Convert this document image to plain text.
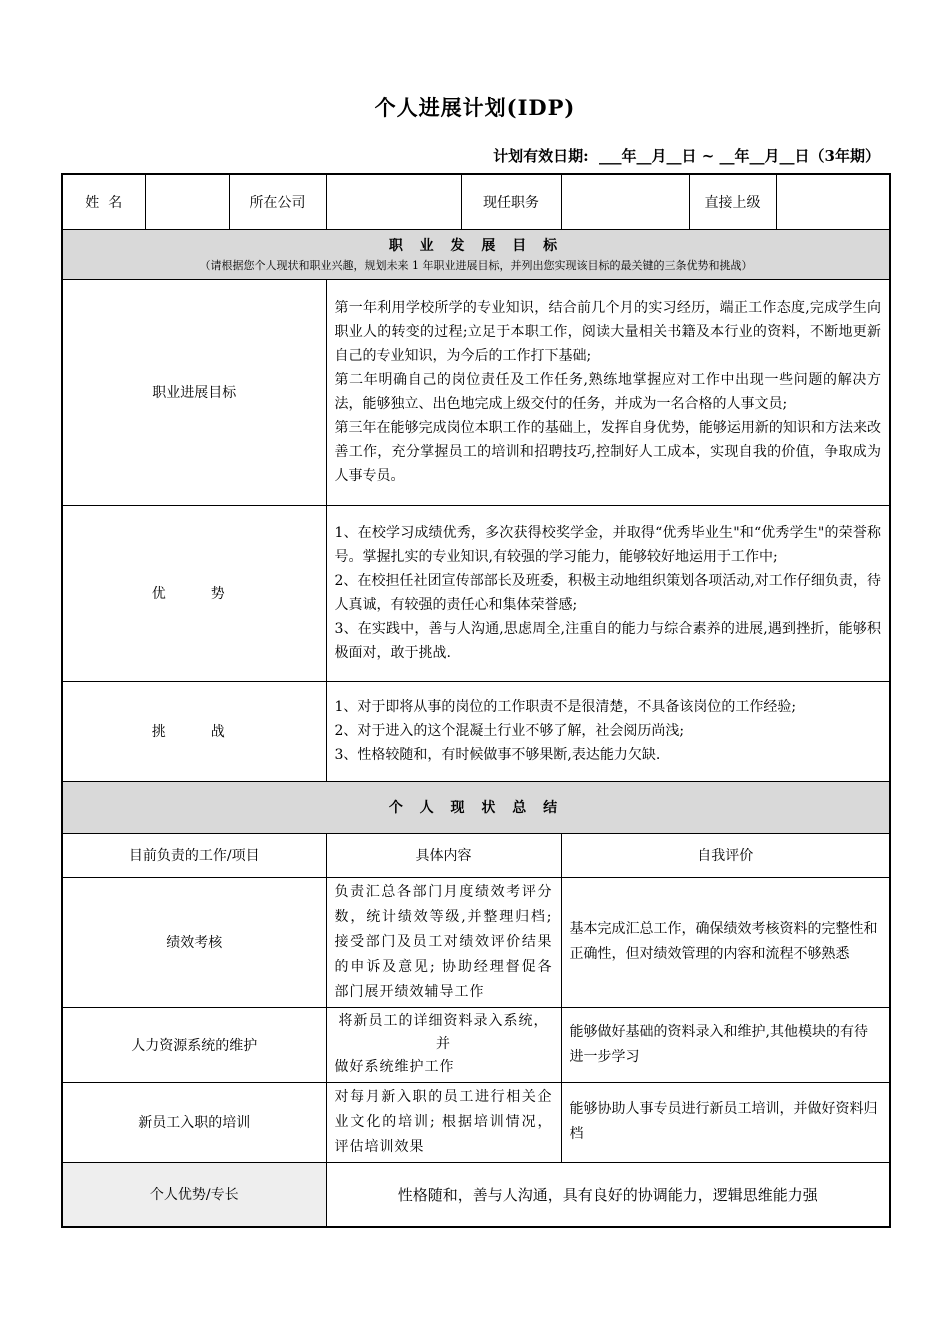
个人进展计划(IDP)
计划有效日期:  ___年__月__日 ~ __年__月__日（3年期）
姓  名		所在公司		现任职务		直接上级	

职 业 发 展 目 标
（请根据您个人现状和职业兴趣，规划未来 1 年职业进展目标，并列出您实现该目标的最关键的三条优势和挑战）							

职业进展目标			第一年利用学校所学的专业知识，结合前几个月的实习经历，端正工作态度,完成学生向职业人的转变的过程;立足于本职工作，阅读大量相关书籍及本行业的资料，不断地更新自己的专业知识，为今后的工作打下基础;
第二年明确自己的岗位责任及工作任务,熟练地掌握应对工作中出现一些问题的解决方法，能够独立、出色地完成上级交付的任务，并成为一名合格的人事文员;
第三年在能够完成岗位本职工作的基础上，发挥自身优势，能够运用新的知识和方法来改善工作，充分掌握员工的培训和招聘技巧,控制好人工成本，实现自我的价值，争取成为人事专员。				

优  势			1、在校学习成绩优秀，多次获得校奖学金，并取得“优秀毕业生"和“优秀学生"的荣誉称号。掌握扎实的专业知识,有较强的学习能力，能够较好地运用于工作中;
2、在校担任社团宣传部部长及班委，积极主动地组织策划各项活动,对工作仔细负责，待人真诚，有较强的责任心和集体荣誉感;
3、在实践中，善与人沟通,思虑周全,注重自的能力与综合素养的进展,遇到挫折，能够积极面对，敢于挑战.				

挑  战			1、对于即将从事的岗位的工作职责不是很清楚，不具备该岗位的工作经验;
2、对于进入的这个混凝土行业不够了解，社会阅历尚浅;
3、性格较随和，有时候做事不够果断,表达能力欠缺.				

个 人 现 状 总 结							

目前负责的工作/项目			具体内容		自我评价		
绩效考核			负责汇总各部门月度绩效考评分数，统计绩效等级,并整理归档;接受部门及员工对绩效评价结果的申诉及意见; 协助经理督促各部门展开绩效辅导工作		基本完成汇总工作，确保绩效考核资料的完整性和正确性，但对绩效管理的内容和流程不够熟悉		
人力资源系统的维护			将新员工的详细资料录入系统，
并
做好系统维护工作		能够做好基础的资料录入和维护,其他模块的有待进一步学习		
新员工入职的培训			对每月新入职的员工进行相关企业文化的培训; 根据培训情况，评估培训效果		能够协助人事专员进行新员工培训，并做好资料归档		
个人优势/专长			性格随和，善与人沟通，具有良好的协调能力，逻辑思维能力强				
